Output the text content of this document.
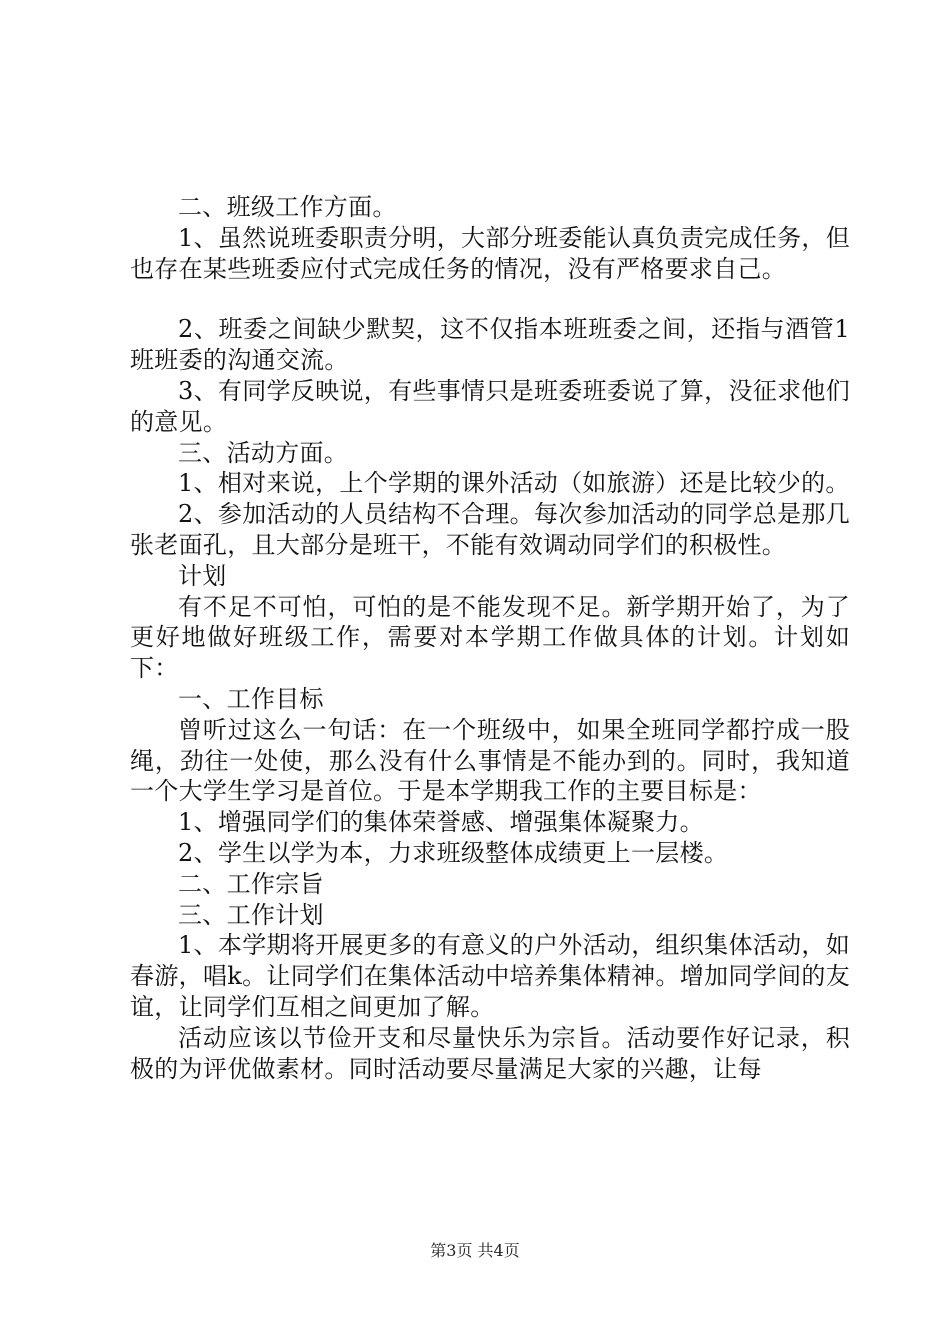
二、班级工作方面。

1、虽然说班委职责分明，大部分班委能认真负责完成任务，但也存在某些班委应付式完成任务的情况，没有严格要求自己。

2、班委之间缺少默契，这不仅指本班班委之间，还指与酒管1班班委的沟通交流。

3、有同学反映说，有些事情只是班委班委说了算，没征求他们的意见。

三、活动方面。

1、相对来说，上个学期的课外活动（如旅游）还是比较少的。

2、参加活动的人员结构不合理。每次参加活动的同学总是那几张老面孔，且大部分是班干，不能有效调动同学们的积极性。

计划

有不足不可怕，可怕的是不能发现不足。新学期开始了，为了更好地做好班级工作，需要对本学期工作做具体的计划。计划如下：

一、工作目标

曾听过这么一句话：在一个班级中，如果全班同学都拧成一股绳，劲往一处使，那么没有什么事情是不能办到的。同时，我知道一个大学生学习是首位。于是本学期我工作的主要目标是：

1、增强同学们的集体荣誉感、增强集体凝聚力。

2、学生以学为本，力求班级整体成绩更上一层楼。

二、工作宗旨

三、工作计划

1、本学期将开展更多的有意义的户外活动，组织集体活动，如春游，唱k。让同学们在集体活动中培养集体精神。增加同学间的友谊，让同学们互相之间更加了解。

活动应该以节俭开支和尽量快乐为宗旨。活动要作好记录，积极的为评优做素材。同时活动要尽量满足大家的兴趣，让每

第3页 共4页
